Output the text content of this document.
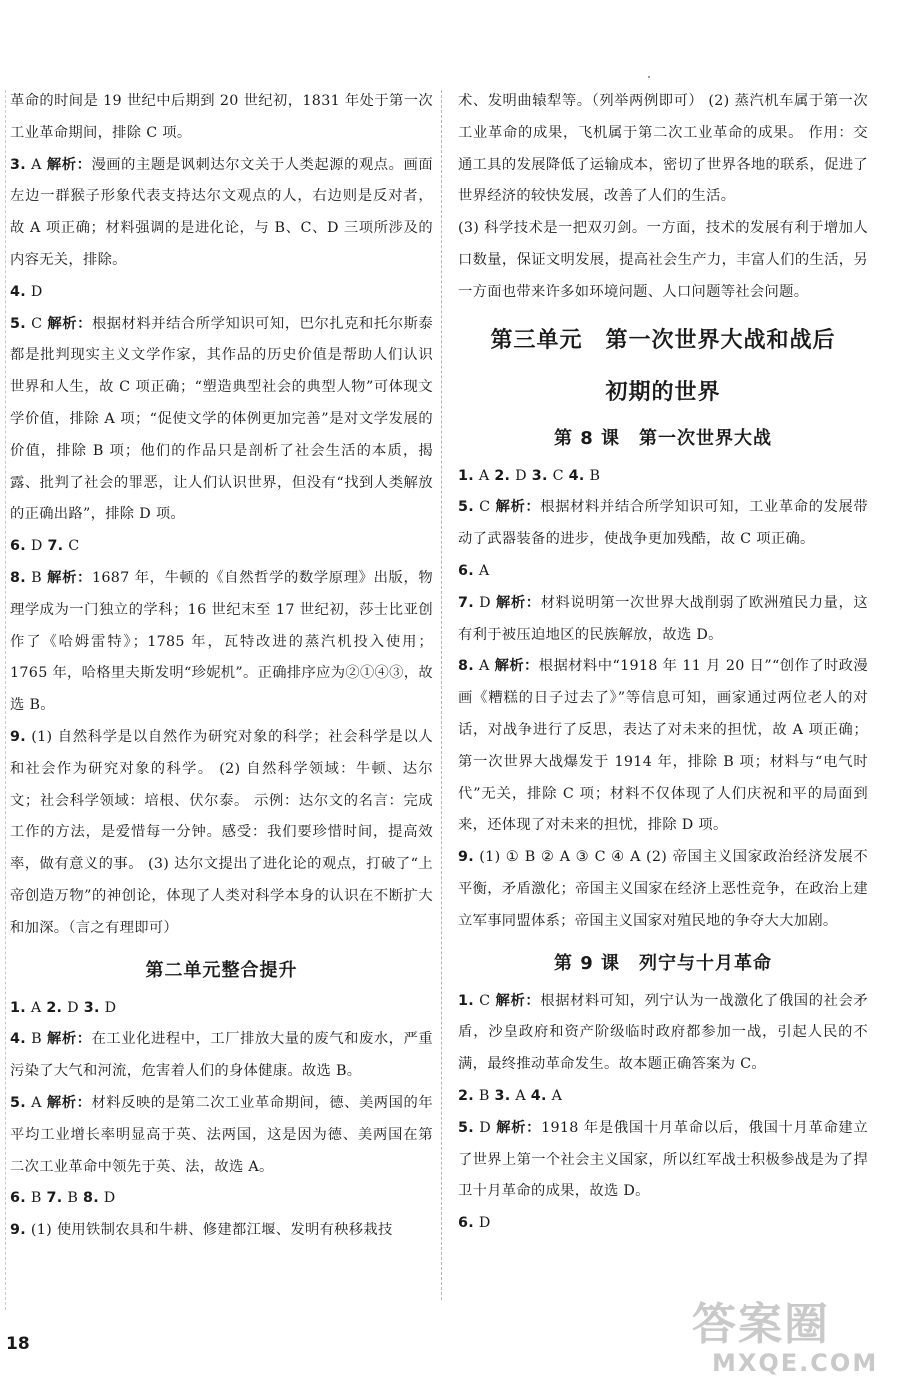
革命的时间是 19 世纪中后期到 20 世纪初，1831 年处于第一次工业革命期间，排除 C 项。

3. A 解析：漫画的主题是讽刺达尔文关于人类起源的观点。画面左边一群猴子形象代表支持达尔文观点的人，右边则是反对者，故 A 项正确；材料强调的是进化论，与 B、C、D 三项所涉及的内容无关，排除。

4. D

5. C 解析：根据材料并结合所学知识可知，巴尔扎克和托尔斯泰都是批判现实主义文学作家，其作品的历史价值是帮助人们认识世界和人生，故 C 项正确；“塑造典型社会的典型人物”可体现文学价值，排除 A 项；“促使文学的体例更加完善”是对文学发展的价值，排除 B 项；他们的作品只是剖析了社会生活的本质，揭露、批判了社会的罪恶，让人们认识世界，但没有“找到人类解放的正确出路”，排除 D 项。

6. D 7. C

8. B 解析：1687 年，牛顿的《自然哲学的数学原理》出版，物理学成为一门独立的学科；16 世纪末至 17 世纪初，莎士比亚创作了《哈姆雷特》；1785 年，瓦特改进的蒸汽机投入使用；1765 年，哈格里夫斯发明“珍妮机”。正确排序应为②①④③，故选 B。

9. (1) 自然科学是以自然作为研究对象的科学；社会科学是以人和社会作为研究对象的科学。 (2) 自然科学领域：牛顿、达尔文；社会科学领域：培根、伏尔泰。 示例：达尔文的名言：完成工作的方法，是爱惜每一分钟。感受：我们要珍惜时间，提高效率，做有意义的事。 (3) 达尔文提出了进化论的观点，打破了“上帝创造万物”的神创论，体现了人类对科学本身的认识在不断扩大和加深。（言之有理即可）

第二单元整合提升

1. A 2. D 3. D

4. B 解析：在工业化进程中，工厂排放大量的废气和废水，严重污染了大气和河流，危害着人们的身体健康。故选 B。

5. A 解析：材料反映的是第二次工业革命期间，德、美两国的年平均工业增长率明显高于英、法两国，这是因为德、美两国在第二次工业革命中领先于英、法，故选 A。

6. B 7. B 8. D

9. (1) 使用铁制农具和牛耕、修建都江堰、发明有秧移栽技

术、发明曲辕犁等。（列举两例即可） (2) 蒸汽机车属于第一次工业革命的成果，飞机属于第二次工业革命的成果。 作用：交通工具的发展降低了运输成本，密切了世界各地的联系，促进了世界经济的较快发展，改善了人们的生活。

(3) 科学技术是一把双刃剑。一方面，技术的发展有利于增加人口数量，保证文明发展，提高社会生产力，丰富人们的生活，另一方面也带来许多如环境问题、人口问题等社会问题。

第三单元　第一次世界大战和战后
初期的世界
第 8 课　第一次世界大战

1. A 2. D 3. C 4. B

5. C 解析：根据材料并结合所学知识可知，工业革命的发展带动了武器装备的进步，使战争更加残酷，故 C 项正确。

6. A

7. D 解析：材料说明第一次世界大战削弱了欧洲殖民力量，这有利于被压迫地区的民族解放，故选 D。

8. A 解析：根据材料中“1918 年 11 月 20 日”“创作了时政漫画《糟糕的日子过去了》”等信息可知，画家通过两位老人的对话，对战争进行了反思，表达了对未来的担忧，故 A 项正确；第一次世界大战爆发于 1914 年，排除 B 项；材料与“电气时代”无关，排除 C 项；材料不仅体现了人们庆祝和平的局面到来，还体现了对未来的担忧，排除 D 项。

9. (1) ① B ② A ③ C ④ A (2) 帝国主义国家政治经济发展不平衡，矛盾激化；帝国主义国家在经济上恶性竞争，在政治上建立军事同盟体系；帝国主义国家对殖民地的争夺大大加剧。

第 9 课　列宁与十月革命

1. C 解析：根据材料可知，列宁认为一战激化了俄国的社会矛盾，沙皇政府和资产阶级临时政府都参加一战，引起人民的不满，最终推动革命发生。故本题正确答案为 C。

2. B 3. A 4. A

5. D 解析：1918 年是俄国十月革命以后，俄国十月革命建立了世界上第一个社会主义国家，所以红军战士积极参战是为了捍卫十月革命的成果，故选 D。

6. D

18	答案圈
MXQE.COM
